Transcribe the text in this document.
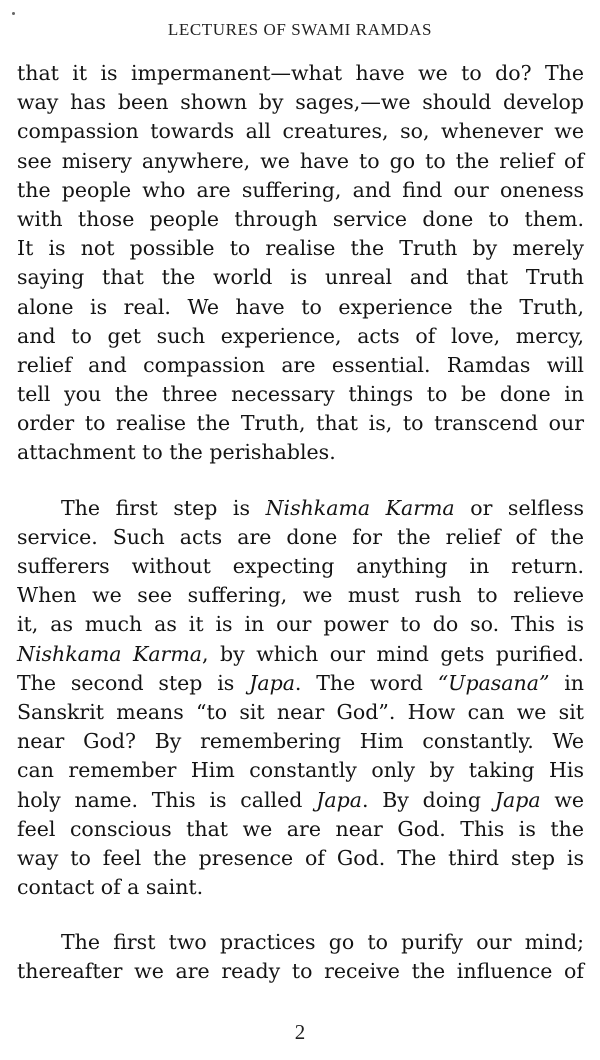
LECTURES OF SWAMI RAMDAS
that it is impermanent—what have we to do? The
way has been shown by sages,—we should develop
compassion towards all creatures, so, whenever we
see misery anywhere, we have to go to the relief of
the people who are suffering, and find our oneness
with those people through service done to them.
It is not possible to realise the Truth by merely
saying that the world is unreal and that Truth
alone is real. We have to experience the Truth,
and to get such experience, acts of love, mercy,
relief and compassion are essential. Ramdas will
tell you the three necessary things to be done in
order to realise the Truth, that is, to transcend our
attachment to the perishables.
The first step is Nishkama Karma or selfless
service. Such acts are done for the relief of the
sufferers without expecting anything in return.
When we see suffering, we must rush to relieve
it, as much as it is in our power to do so. This is
Nishkama Karma, by which our mind gets purified.
The second step is Japa. The word “Upasana” in
Sanskrit means “to sit near God”. How can we sit
near God? By remembering Him constantly. We
can remember Him constantly only by taking His
holy name. This is called Japa. By doing Japa we
feel conscious that we are near God. This is the
way to feel the presence of God. The third step is
contact of a saint.
The first two practices go to purify our mind;
thereafter we are ready to receive the influence of
2
